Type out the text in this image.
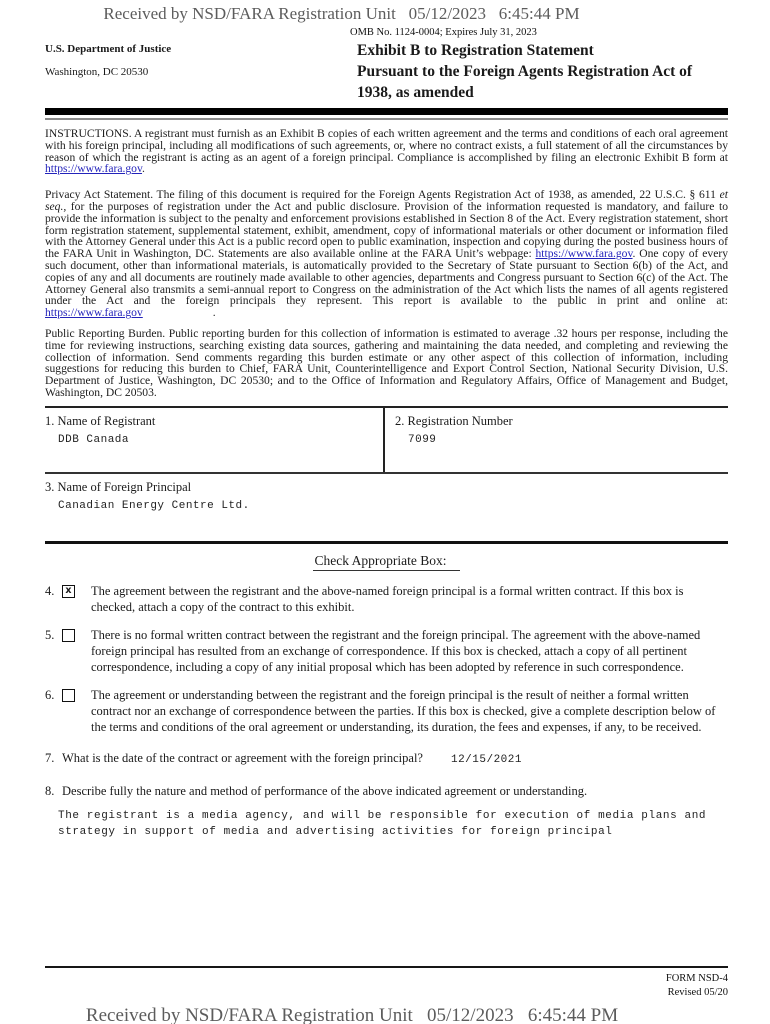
Received by NSD/FARA Registration Unit   05/12/2023   6:45:44 PM
OMB No. 1124-0004; Expires July 31, 2023
U.S. Department of Justice
Washington, DC 20530
Exhibit B to Registration Statement
Pursuant to the Foreign Agents Registration Act of
1938, as amended
INSTRUCTIONS. A registrant must furnish as an Exhibit B copies of each written agreement and the terms and conditions of each oral agreement with his foreign principal, including all modifications of such agreements, or, where no contract exists, a full statement of all the circumstances by reason of which the registrant is acting as an agent of a foreign principal. Compliance is accomplished by filing an electronic Exhibit B form at https://www.fara.gov.
Privacy Act Statement. The filing of this document is required for the Foreign Agents Registration Act of 1938, as amended, 22 U.S.C. § 611 et seq., for the purposes of registration under the Act and public disclosure. Provision of the information requested is mandatory, and failure to provide the information is subject to the penalty and enforcement provisions established in Section 8 of the Act. Every registration statement, short form registration statement, supplemental statement, exhibit, amendment, copy of informational materials or other document or information filed with the Attorney General under this Act is a public record open to public examination, inspection and copying during the posted business hours of the FARA Unit in Washington, DC. Statements are also available online at the FARA Unit’s webpage: https://www.fara.gov. One copy of every such document, other than informational materials, is automatically provided to the Secretary of State pursuant to Section 6(b) of the Act, and copies of any and all documents are routinely made available to other agencies, departments and Congress pursuant to Section 6(c) of the Act. The Attorney General also transmits a semi-annual report to Congress on the administration of the Act which lists the names of all agents registered under the Act and the foreign principals they represent. This report is available to the public in print and online at: https://www.fara.gov	.
Public Reporting Burden. Public reporting burden for this collection of information is estimated to average .32 hours per response, including the time for reviewing instructions, searching existing data sources, gathering and maintaining the data needed, and completing and reviewing the collection of information. Send comments regarding this burden estimate or any other aspect of this collection of information, including suggestions for reducing this burden to Chief, FARA Unit, Counterintelligence and Export Control Section, National Security Division, U.S. Department of Justice, Washington, DC 20530; and to the Office of Information and Regulatory Affairs, Office of Management and Budget, Washington, DC 20503.
1. Name of Registrant
DDB Canada
2. Registration Number
7099
3. Name of Foreign Principal
Canadian Energy Centre Ltd.
Check Appropriate Box:
4.	x The agreement between the registrant and the above-named foreign principal is a formal written contract. If this box is checked, attach a copy of the contract to this exhibit.
5.	There is no formal written contract between the registrant and the foreign principal. The agreement with the above-named foreign principal has resulted from an exchange of correspondence. If this box is checked, attach a copy of all pertinent correspondence, including a copy of any initial proposal which has been adopted by reference in such correspondence.
6.	The agreement or understanding between the registrant and the foreign principal is the result of neither a formal written contract nor an exchange of correspondence between the parties. If this box is checked, give a complete description below of the terms and conditions of the oral agreement or understanding, its duration, the fees and expenses, if any, to be received.
7. What is the date of the contract or agreement with the foreign principal?	12/15/2021
8. Describe fully the nature and method of performance of the above indicated agreement or understanding.
The registrant is a media agency, and will be responsible for execution of media plans and strategy in support of media and advertising activities for foreign principal
FORM NSD-4
Revised 05/20
Received by NSD/FARA Registration Unit   05/12/2023   6:45:44 PM
